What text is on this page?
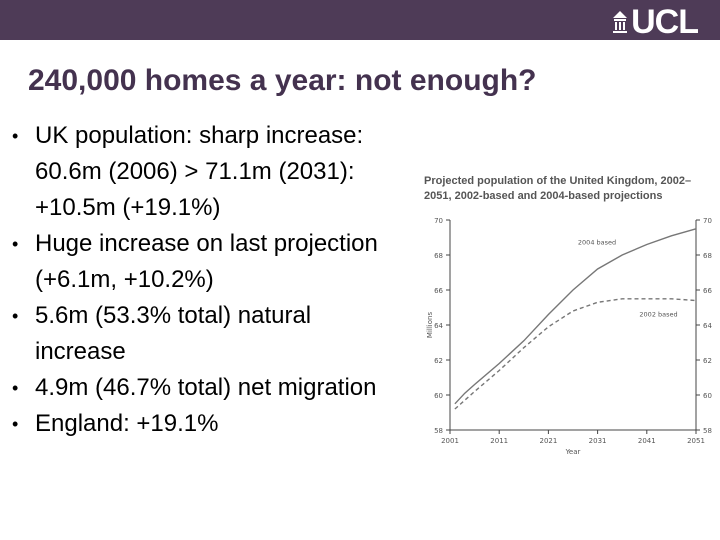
UCL
240,000 homes a year: not enough?
• UK population: sharp increase: 60.6m (2006) > 71.1m (2031): +10.5m (+19.1%)
• Huge increase on last projection (+6.1m, +10.2%)
• 5.6m (53.3% total) natural increase
• 4.9m (46.7% total) net migration
• England: +19.1%

Projected population of the United Kingdom, 2002–2051, 2002-based and 2004-based projections

58	58
60	60
62	62
64	64
66	66
68	68
70	70
2001	2011	2021	2031	2041	2051
Year
Millions
2004 based
2002 based
